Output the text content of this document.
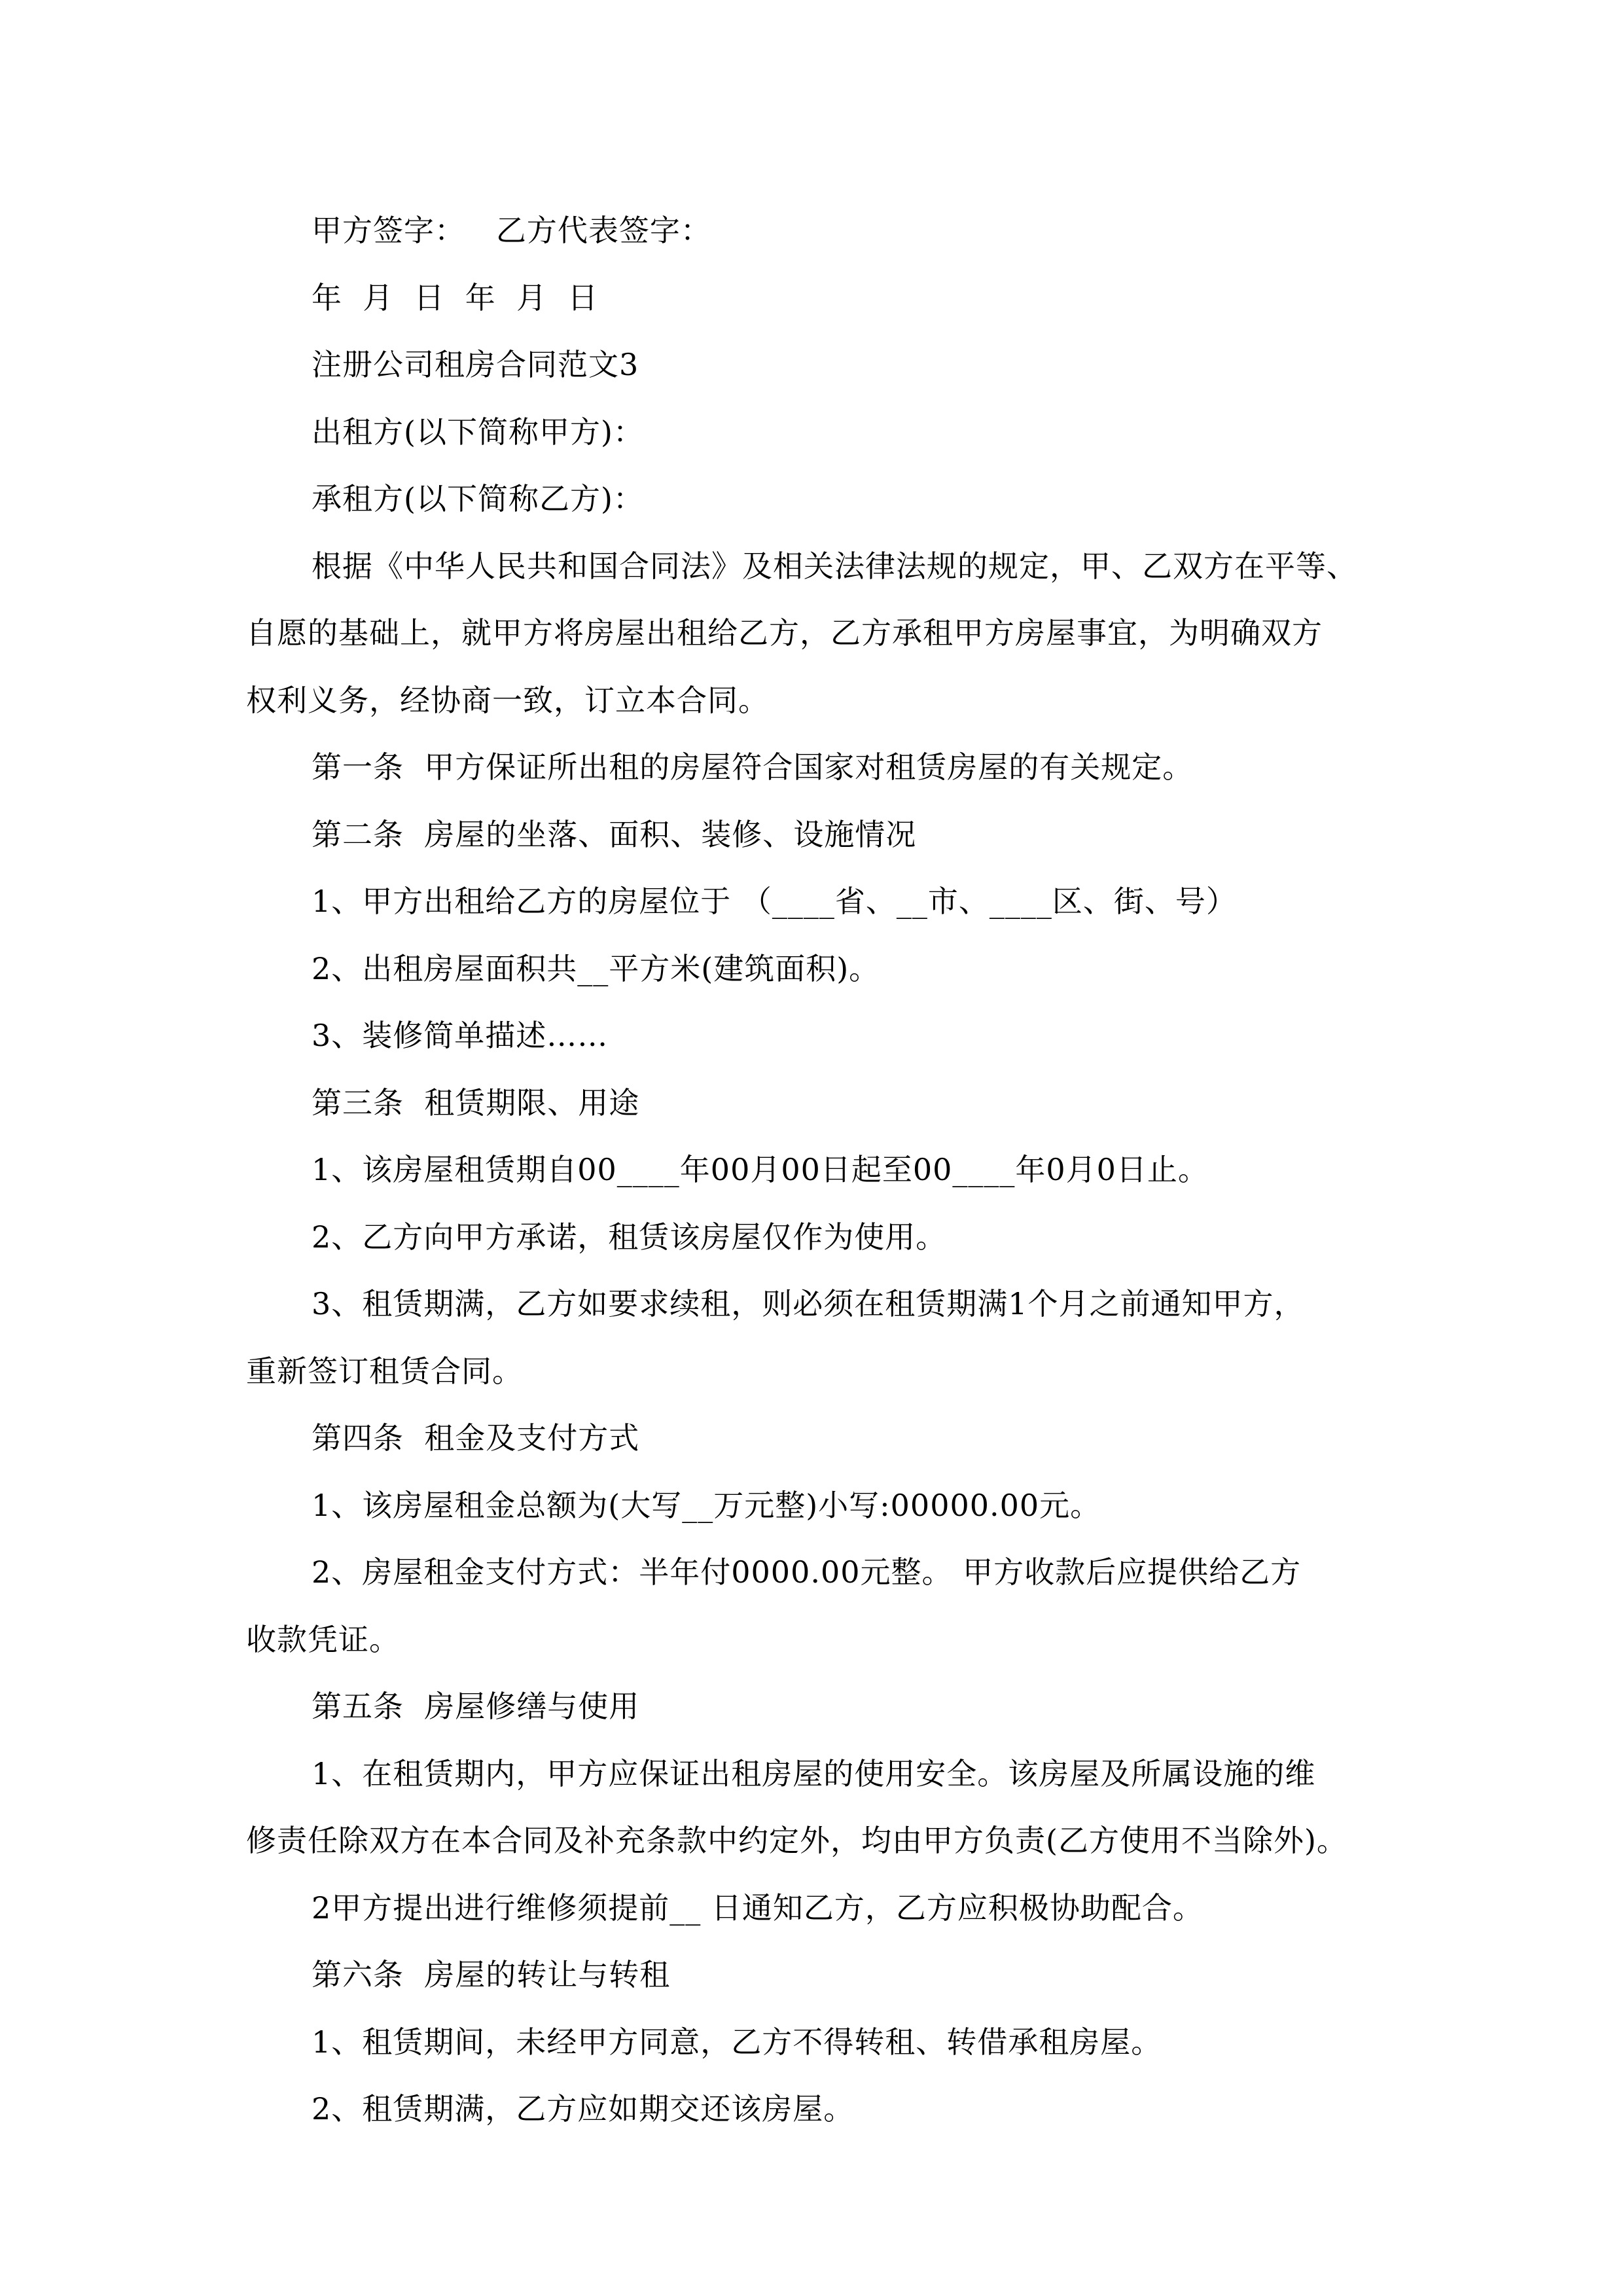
甲方签字：   乙方代表签字：

年  月  日  年  月  日

注册公司租房合同范文3

出租方(以下简称甲方)：

承租方(以下简称乙方)：

根据《中华人民共和国合同法》及相关法律法规的规定，甲、乙双方在平等、

自愿的基础上，就甲方将房屋出租给乙方，乙方承租甲方房屋事宜，为明确双方

权利义务，经协商一致，订立本合同。

第一条  甲方保证所出租的房屋符合国家对租赁房屋的有关规定。

第二条  房屋的坐落、面积、装修、设施情况

1、甲方出租给乙方的房屋位于 （____省、__市、____区、街、号）

2、出租房屋面积共__平方米(建筑面积)。

3、装修简单描述……

第三条  租赁期限、用途

1、该房屋租赁期自00____年00月00日起至00____年0月0日止。

2、乙方向甲方承诺，租赁该房屋仅作为使用。

3、租赁期满，乙方如要求续租，则必须在租赁期满1个月之前通知甲方，

重新签订租赁合同。

第四条  租金及支付方式

1、该房屋租金总额为(大写__万元整)小写:00000.00元。

2、房屋租金支付方式：半年付0000.00元整。 甲方收款后应提供给乙方

收款凭证。

第五条  房屋修缮与使用

1、在租赁期内，甲方应保证出租房屋的使用安全。该房屋及所属设施的维

修责任除双方在本合同及补充条款中约定外，均由甲方负责(乙方使用不当除外)。

2甲方提出进行维修须提前__ 日通知乙方，乙方应积极协助配合。

第六条  房屋的转让与转租

1、租赁期间，未经甲方同意，乙方不得转租、转借承租房屋。

2、租赁期满，乙方应如期交还该房屋。
